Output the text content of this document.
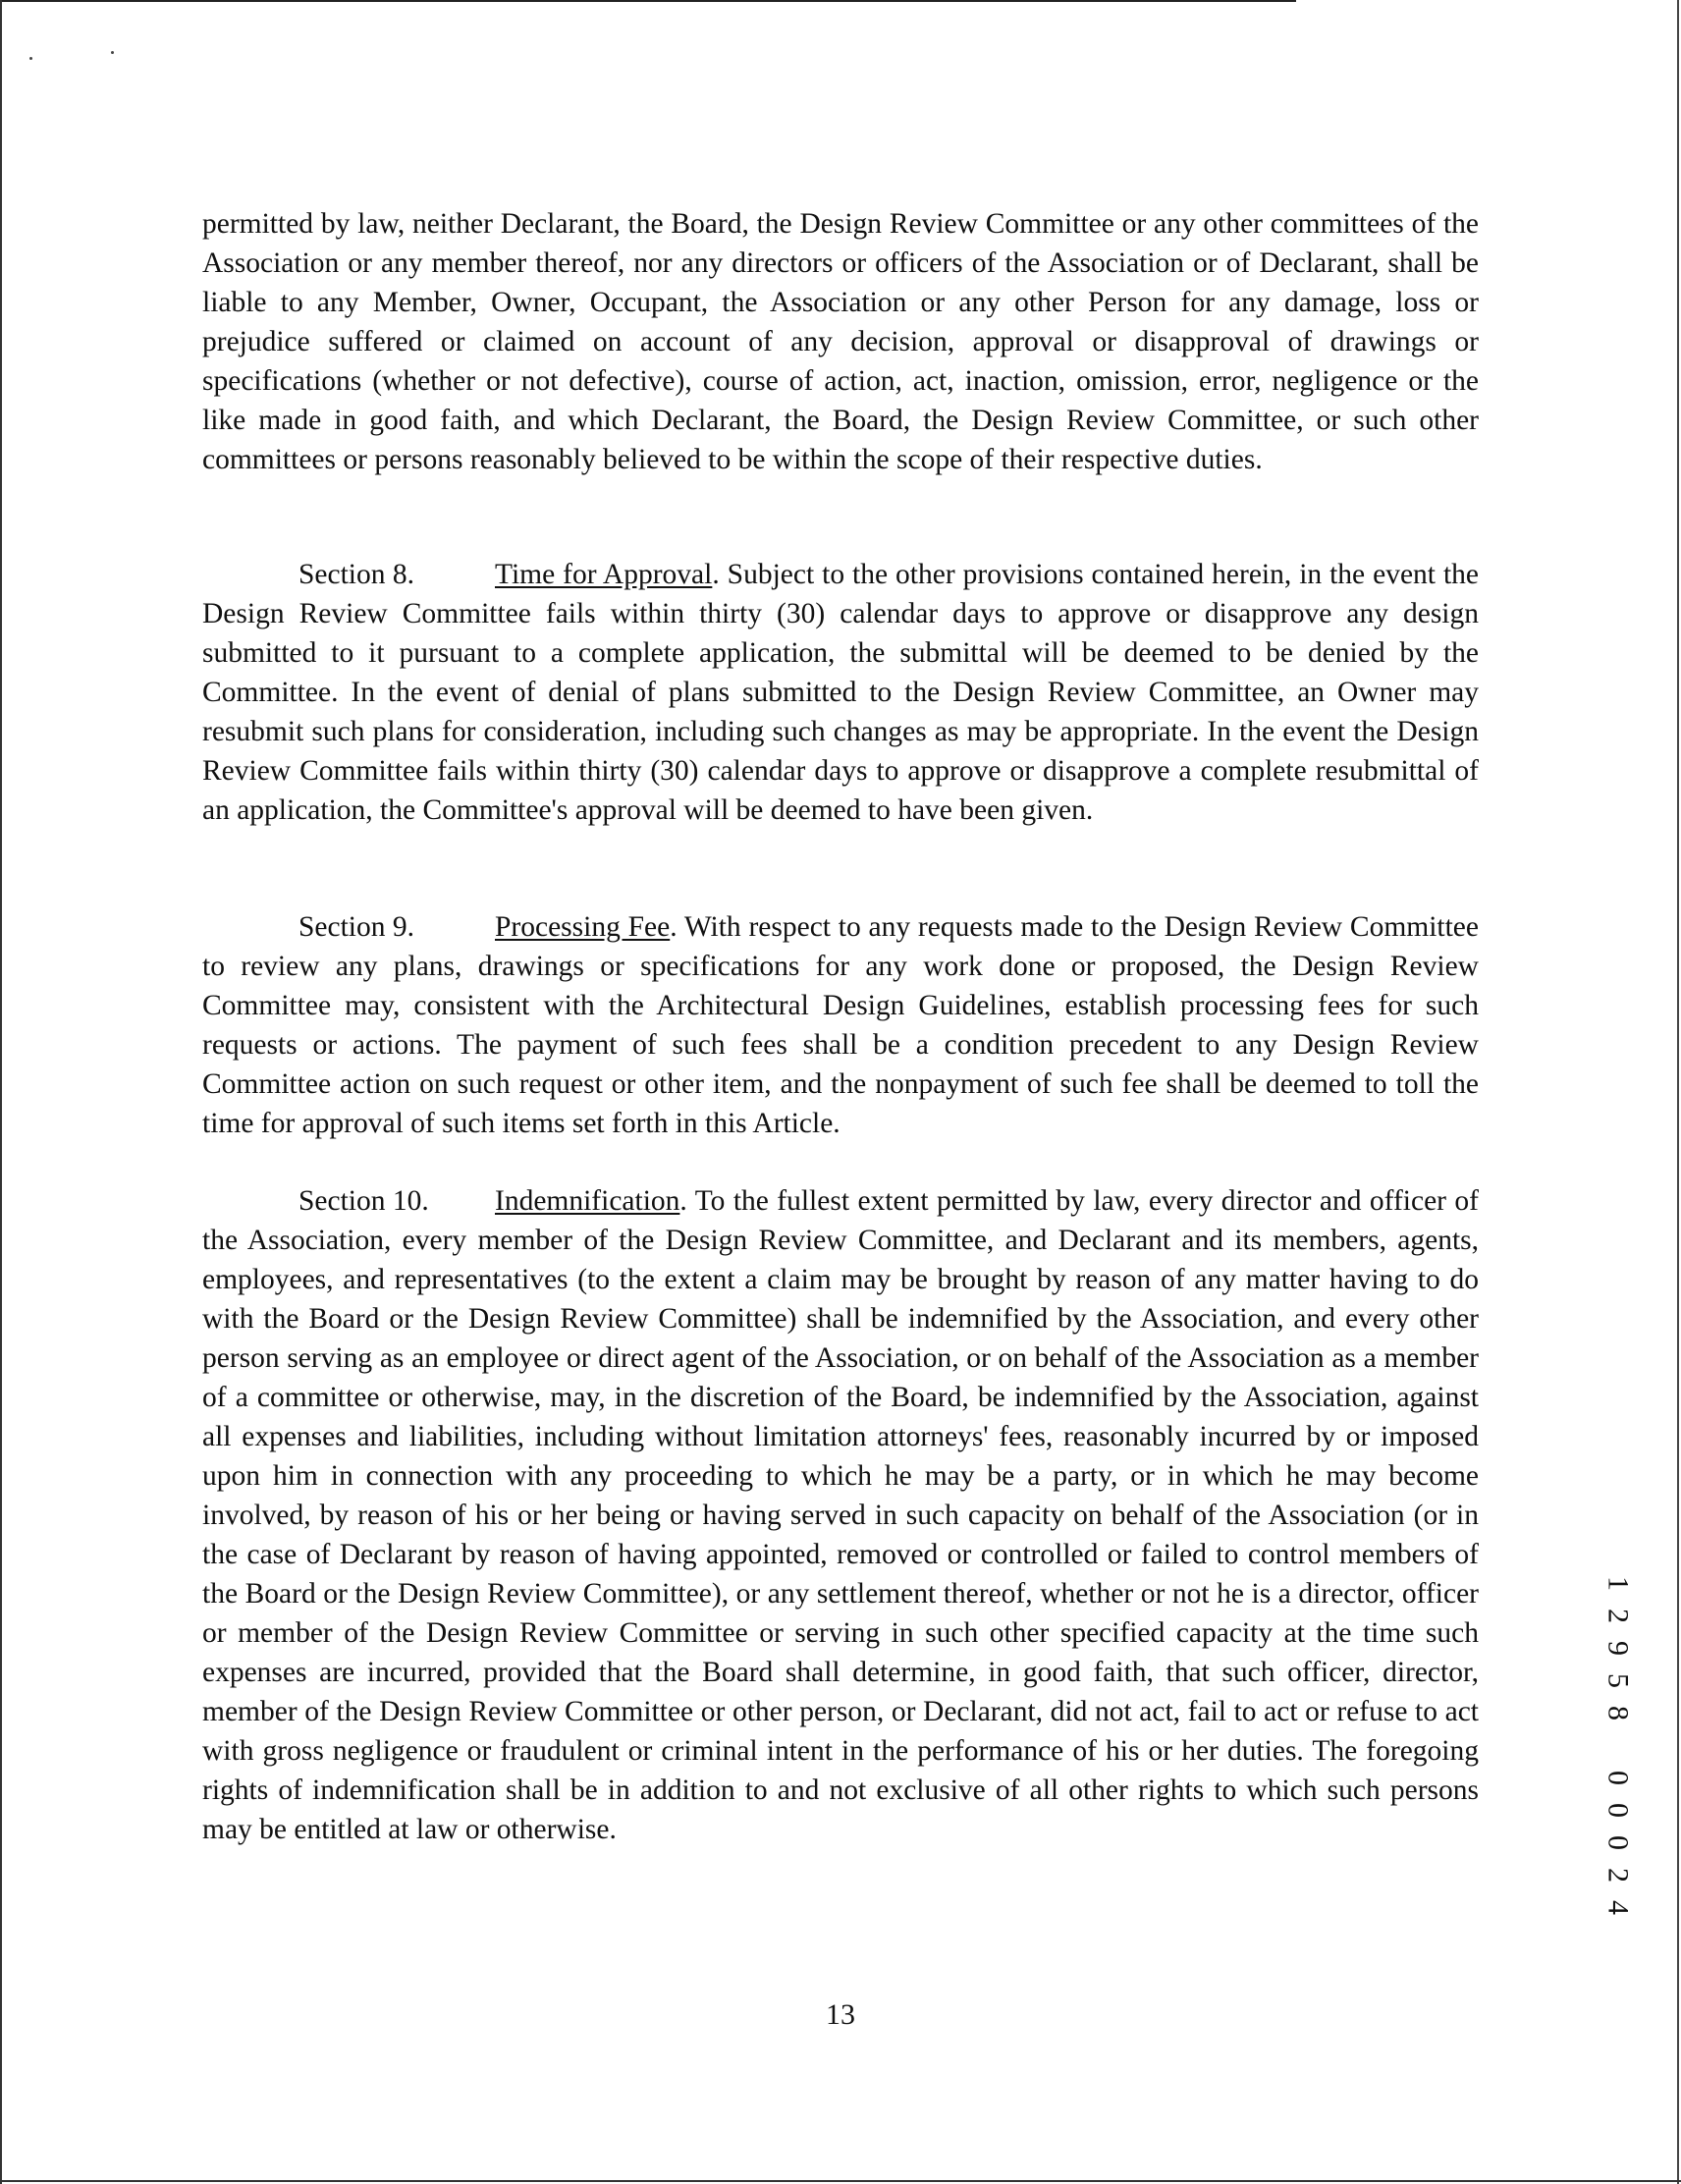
permitted by law, neither Declarant, the Board, the Design Review Committee or any other committees of the Association or any member thereof, nor any directors or officers of the Association or of Declarant, shall be liable to any Member, Owner, Occupant, the Association or any other Person for any damage, loss or prejudice suffered or claimed on account of any decision, approval or disapproval of drawings or specifications (whether or not defective), course of action, act, inaction, omission, error, negligence or the like made in good faith, and which Declarant, the Board, the Design Review Committee, or such other committees or persons reasonably believed to be within the scope of their respective duties.

Section 8.	Time for Approval. Subject to the other provisions contained herein, in the event the Design Review Committee fails within thirty (30) calendar days to approve or disapprove any design submitted to it pursuant to a complete application, the submittal will be deemed to be denied by the Committee. In the event of denial of plans submitted to the Design Review Committee, an Owner may resubmit such plans for consideration, including such changes as may be appropriate. In the event the Design Review Committee fails within thirty (30) calendar days to approve or disapprove a complete resubmittal of an application, the Committee's approval will be deemed to have been given.

Section 9.	Processing Fee. With respect to any requests made to the Design Review Committee to review any plans, drawings or specifications for any work done or proposed, the Design Review Committee may, consistent with the Architectural Design Guidelines, establish processing fees for such requests or actions. The payment of such fees shall be a condition precedent to any Design Review Committee action on such request or other item, and the nonpayment of such fee shall be deemed to toll the time for approval of such items set forth in this Article.

Section 10. Indemnification. To the fullest extent permitted by law, every director and officer of the Association, every member of the Design Review Committee, and Declarant and its members, agents, employees, and representatives (to the extent a claim may be brought by reason of any matter having to do with the Board or the Design Review Committee) shall be indemnified by the Association, and every other person serving as an employee or direct agent of the Association, or on behalf of the Association as a member of a committee or otherwise, may, in the discretion of the Board, be indemnified by the Association, against all expenses and liabilities, including without limitation attorneys' fees, reasonably incurred by or imposed upon him in connection with any proceeding to which he may be a party, or in which he may become involved, by reason of his or her being or having served in such capacity on behalf of the Association (or in the case of Declarant by reason of having appointed, removed or controlled or failed to control members of the Board or the Design Review Committee), or any settlement thereof, whether or not he is a director, officer or member of the Design Review Committee or serving in such other specified capacity at the time such expenses are incurred, provided that the Board shall determine, in good faith, that such officer, director, member of the Design Review Committee or other person, or Declarant, did not act, fail to act or refuse to act with gross negligence or fraudulent or criminal intent in the performance of his or her duties. The foregoing rights of indemnification shall be in addition to and not exclusive of all other rights to which such persons may be entitled at law or otherwise.

13
1
2
9
5
8
0
0
0
2
4
